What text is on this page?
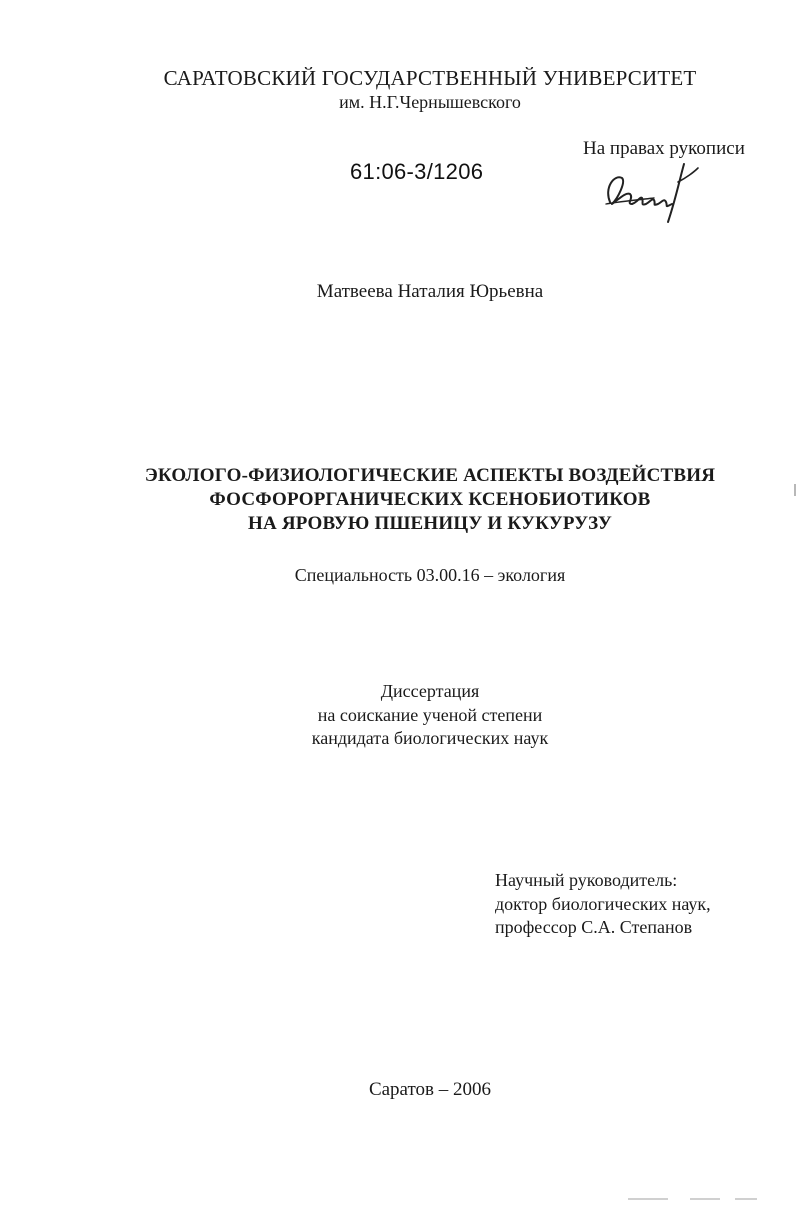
САРАТОВСКИЙ ГОСУДАРСТВЕННЫЙ УНИВЕРСИТЕТ
им. Н.Г.Чернышевского
61:06-3/1206
На правах рукописи
Матвеева Наталия Юрьевна
ЭКОЛОГО-ФИЗИОЛОГИЧЕСКИЕ АСПЕКТЫ ВОЗДЕЙСТВИЯ
ФОСФОРОРГАНИЧЕСКИХ КСЕНОБИОТИКОВ
НА ЯРОВУЮ ПШЕНИЦУ И КУКУРУЗУ
Специальность 03.00.16 – экология
Диссертация
на соискание ученой степени
кандидата биологических наук
Научный руководитель:
доктор биологических наук,
профессор С.А. Степанов
Саратов – 2006
